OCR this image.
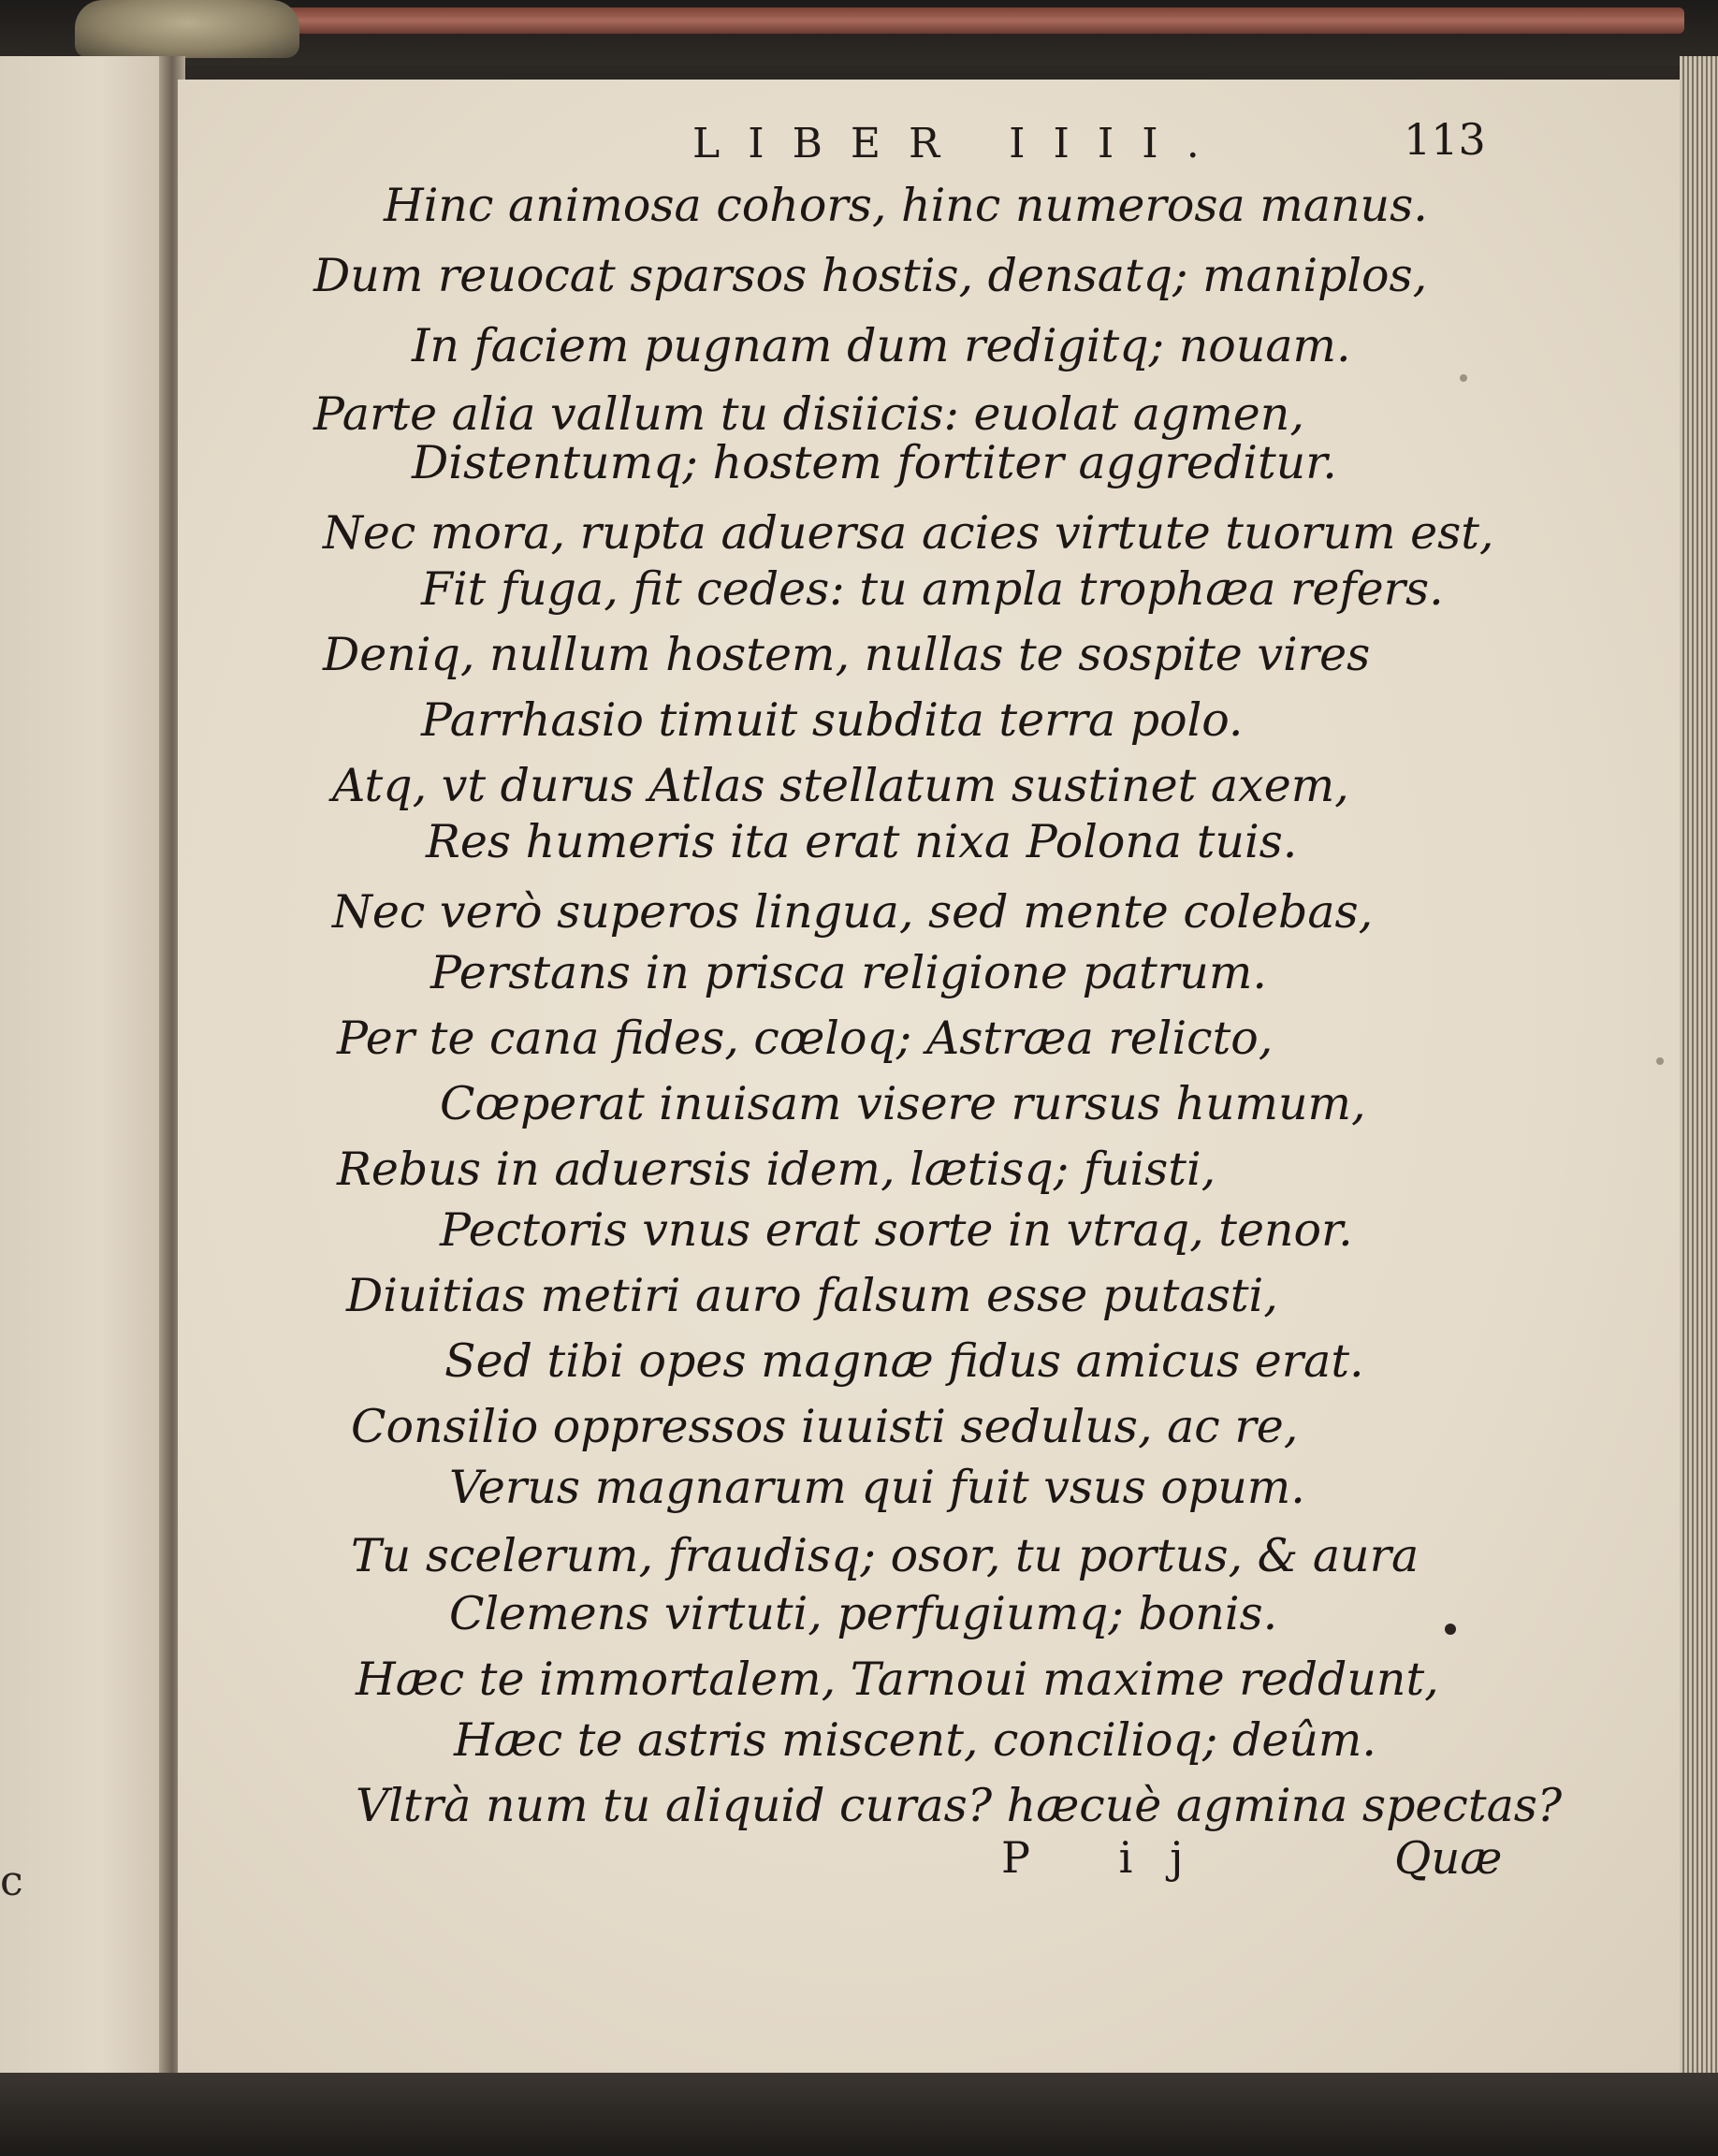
c
LIBER IIII.	113
Hinc animosa cohors, hinc numerosa manus.
Dum reuocat sparsos hostis, densatq; maniplos,
In faciem pugnam dum redigitq; nouam.
Parte alia vallum tu disiicis: euolat agmen,
Distentumq; hostem fortiter aggreditur.
Nec mora, rupta aduersa acies virtute tuorum est,
Fit fuga, fit cedes: tu ampla trophæa refers.
Deniq, nullum hostem, nullas te sospite vires
Parrhasio timuit subdita terra polo.
Atq, vt durus Atlas stellatum sustinet axem,
Res humeris ita erat nixa Polona tuis.
Nec verò superos lingua, sed mente colebas,
Perstans in prisca religione patrum.
Per te cana fides, cœloq; Astræa relicto,
Cœperat inuisam visere rursus humum,
Rebus in aduersis idem, lætisq; fuisti,
Pectoris vnus erat sorte in vtraq, tenor.
Diuitias metiri auro falsum esse putasti,
Sed tibi opes magnæ fidus amicus erat.
Consilio oppressos iuuisti sedulus, ac re,
Verus magnarum qui fuit vsus opum.
Tu scelerum, fraudisq; osor, tu portus, & aura
Clemens virtuti, perfugiumq; bonis.
Hæc te immortalem, Tarnoui maxime reddunt,
Hæc te astris miscent, concilioq; deûm.
Vltrà num tu aliquid curas? hæcuè agmina spectas?
P ij	Quæ
